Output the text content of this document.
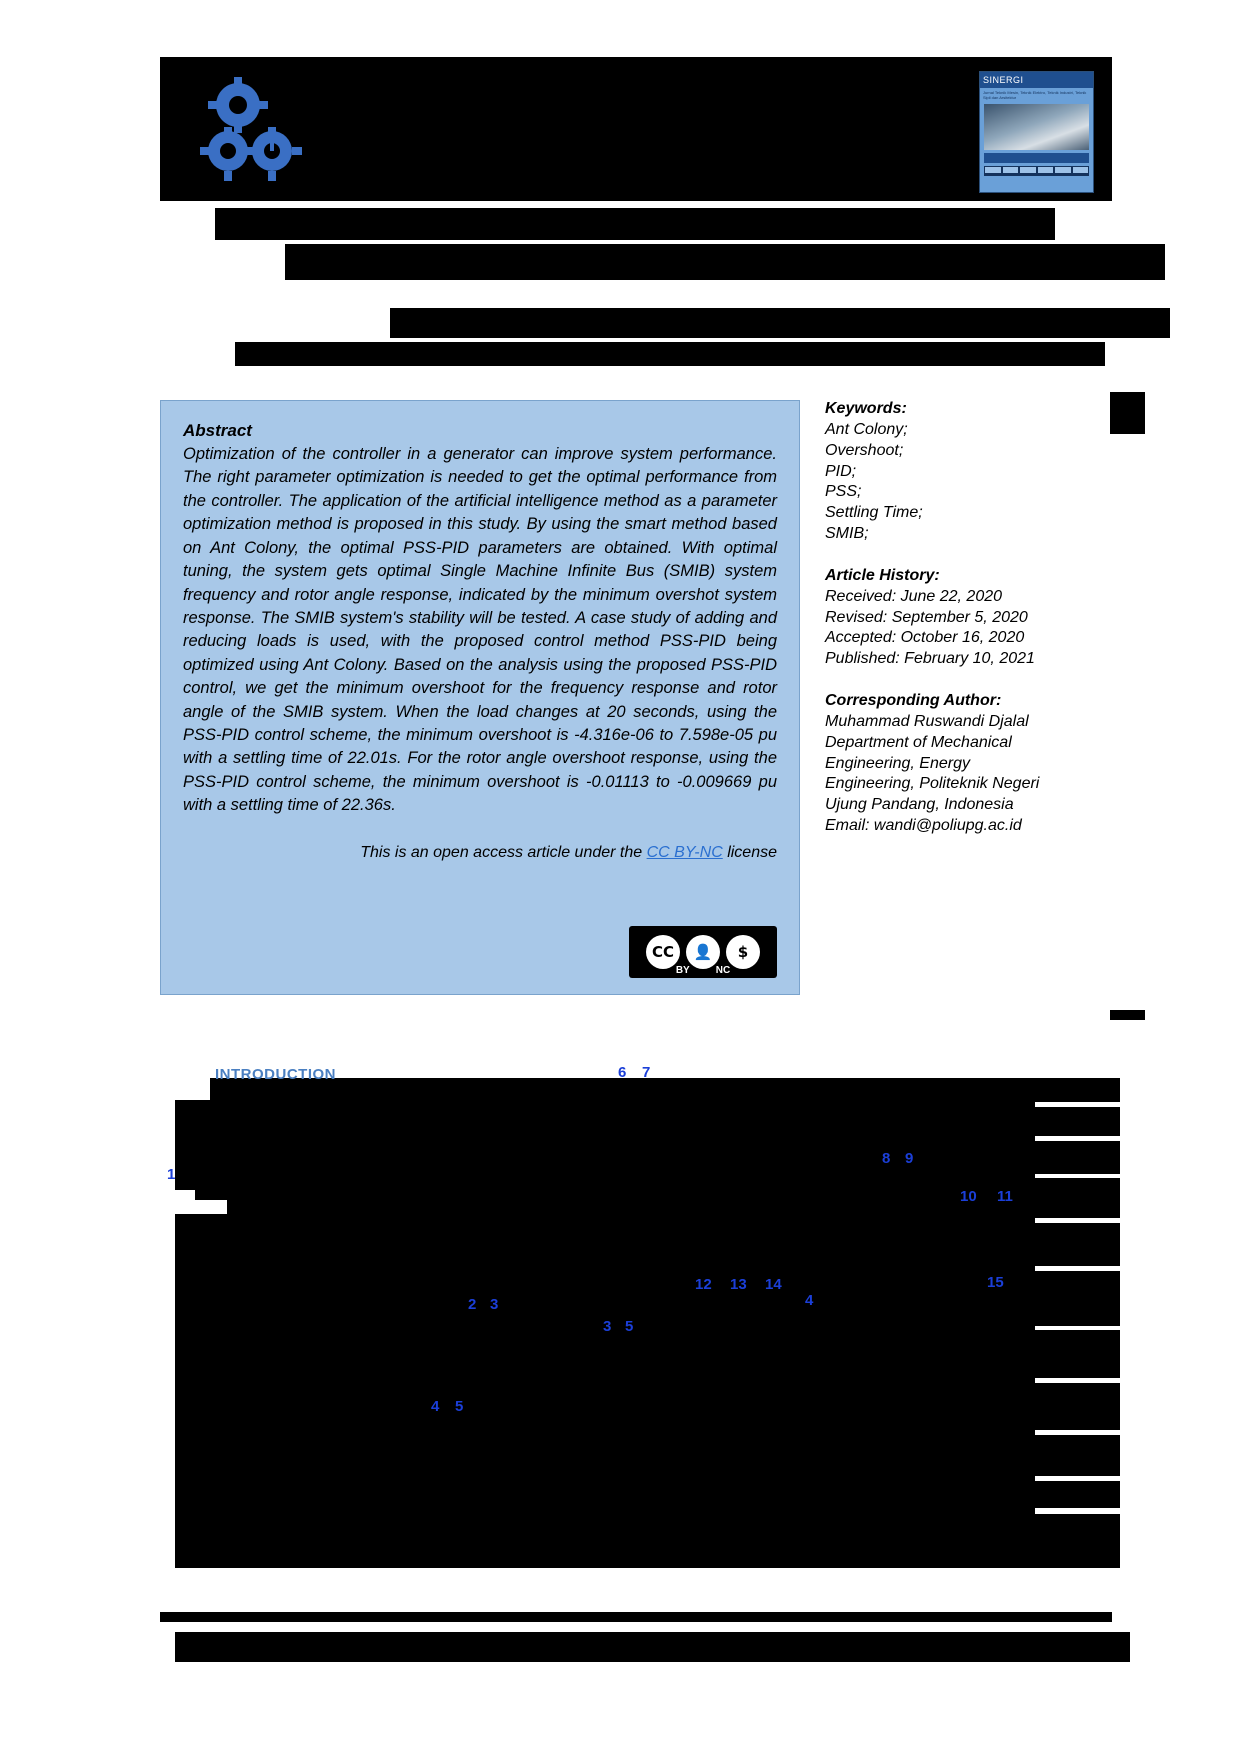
SINERGI
Jurnal Teknik Mesin, Teknik Elektro, Teknik Industri, Teknik Sipil dan Arsitektur
Abstract

Optimization of the controller in a generator can improve system performance. The right parameter optimization is needed to get the optimal performance from the controller. The application of the artificial intelligence method as a parameter optimization method is proposed in this study. By using the smart method based on Ant Colony, the optimal PSS-PID parameters are obtained. With optimal tuning, the system gets optimal Single Machine Infinite Bus (SMIB) system frequency and rotor angle response, indicated by the minimum overshot system response. The SMIB system's stability will be tested. A case study of adding and reducing loads is used, with the proposed control method PSS-PID being optimized using Ant Colony. Based on the analysis using the proposed PSS-PID control, we get the minimum overshoot for the frequency response and rotor angle of the SMIB system. When the load changes at 20 seconds, using the PSS-PID control scheme, the minimum overshoot is -4.316e-06 to 7.598e-05 pu with a settling time of 22.01s. For the rotor angle overshoot response, using the PSS-PID control scheme, the minimum overshoot is -0.01113 to -0.009669 pu with a settling time of 22.36s.

This is an open access article under the CC BY-NC license
CC	👤	$
BY	NC
Keywords:
Ant Colony;
Overshoot;
PID;
PSS;
Settling Time;
SMIB;
Article History:
Received: June 22, 2020
Revised: September 5, 2020
Accepted: October 16, 2020
Published: February 10, 2021
Corresponding Author:
Muhammad Ruswandi Djalal
Department of Mechanical
Engineering, Energy
Engineering, Politeknik Negeri
Ujung Pandang, Indonesia
Email: wandi@poliupg.ac.id
INTRODUCTION	6 7
8 9
10 11
1
2 3
3 5
4 5
12 13 14
4
15
